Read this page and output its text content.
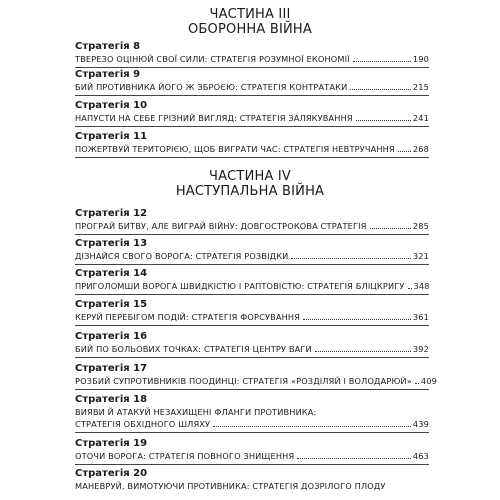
ЧАСТИНА III
ОБОРОННА ВІЙНА
ЧАСТИНА IV
НАСТУПАЛЬНА ВІЙНА
Стратегія 8
ТВЕРЕЗО ОЦІНЮЙ СВОЇ СИЛИ: СТРАТЕГІЯ РОЗУМНОЇ ЕКОНОМІЇ	190
Стратегія 9
БИЙ ПРОТИВНИКА ЙОГО Ж ЗБРОЄЮ: СТРАТЕГІЯ КОНТРАТАКИ	215
Стратегія 10
НАПУСТИ НА СЕБЕ ГРІЗНИЙ ВИГЛЯД: СТРАТЕГІЯ ЗАЛЯКУВАННЯ	241
Стратегія 11
ПОЖЕРТВУЙ ТЕРИТОРІЄЮ, ЩОБ ВИГРАТИ ЧАС: СТРАТЕГІЯ НЕВТРУЧАННЯ 268
Стратегія 12
ПРОГРАЙ БИТВУ, АЛЕ ВИГРАЙ ВІЙНУ: ДОВГОСТРОКОВА СТРАТЕГІЯ	285
Стратегія 13
ДІЗНАЙСЯ СВОГО ВОРОГА: СТРАТЕГІЯ РОЗВІДКИ	321
Стратегія 14
ПРИГОЛОМШИ ВОРОГА ШВИДКІСТЮ І РАПТОВІСТЮ: СТРАТЕГІЯ БЛІЦКРИГУ 348
Стратегія 15
КЕРУЙ ПЕРЕБІГОМ ПОДІЙ: СТРАТЕГІЯ ФОРСУВАННЯ	361
Стратегія 16
БИЙ ПО БОЛЬОВИХ ТОЧКАХ: СТРАТЕГІЯ ЦЕНТРУ ВАГИ	392
Стратегія 17
РОЗБИЙ СУПРОТИВНИКІВ ПООДИНЦІ: СТРАТЕГІЯ «РОЗДІЛЯЙ І ВОЛОДАРЮЙ» 409
Стратегія 18
ВИЯВИ Й АТАКУЙ НЕЗАХИЩЕНІ ФЛАНГИ ПРОТИВНИКА:
СТРАТЕГІЯ ОБХІДНОГО ШЛЯХУ	439
Стратегія 19
ОТОЧИ ВОРОГА: СТРАТЕГІЯ ПОВНОГО ЗНИЩЕННЯ	463
Стратегія 20
МАНЕВРУЙ, ВИМОТУЮЧИ ПРОТИВНИКА: СТРАТЕГІЯ ДОЗРІЛОГО ПЛОДУ
